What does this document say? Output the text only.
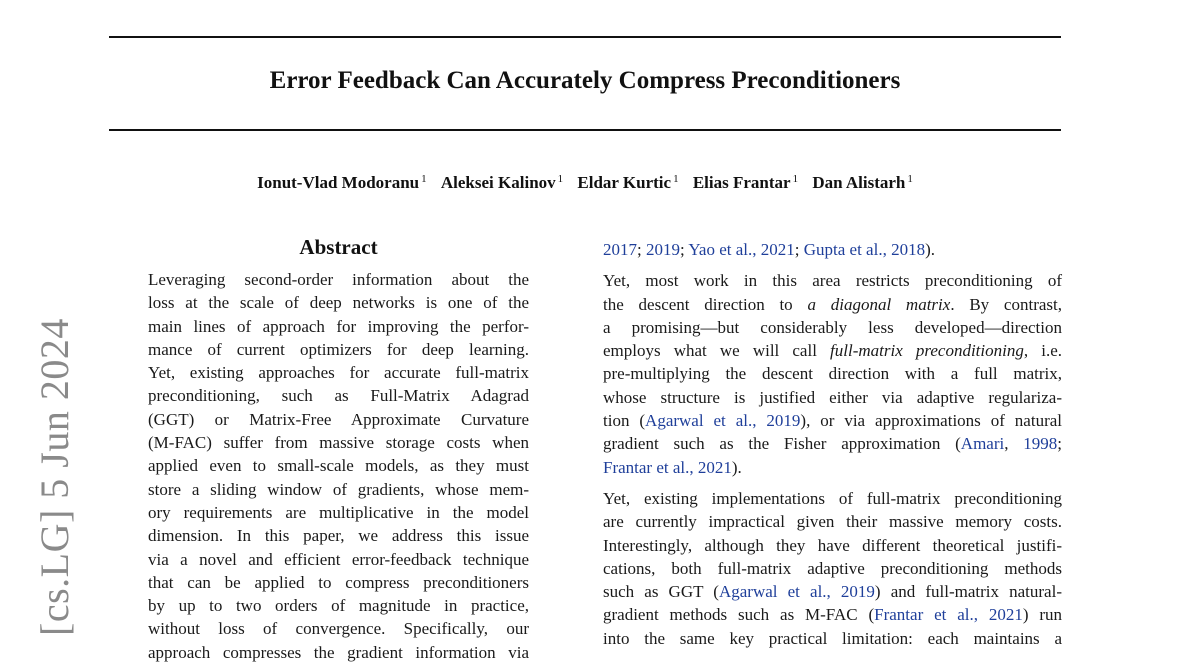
Error Feedback Can Accurately Compress Preconditioners
Ionut-Vlad Modoranu $^1$ Aleksei Kalinov $^1$ Eldar Kurtic $^1$ Elias Frantar $^1$ Dan Alistarh $^1$
[cs.LG] 5 Jun 2024
Abstract
Leveraging second-order information about the
loss at the scale of deep networks is one of the
main lines of approach for improving the perfor-
mance of current optimizers for deep learning.
Yet, existing approaches for accurate full-matrix
preconditioning, such as Full-Matrix Adagrad
(GGT) or Matrix-Free Approximate Curvature
(M-FAC) suffer from massive storage costs when
applied even to small-scale models, as they must
store a sliding window of gradients, whose mem-
ory requirements are multiplicative in the model
dimension. In this paper, we address this issue
via a novel and efficient error-feedback technique
that can be applied to compress preconditioners
by up to two orders of magnitude in practice,
without loss of convergence. Specifically, our
approach compresses the gradient information via
2017; 2019; Yao et al., 2021; Gupta et al., 2018).
Yet, most work in this area restricts preconditioning of
the descent direction to a diagonal matrix. By contrast,
a promising—but considerably less developed—direction
employs what we will call full-matrix preconditioning, i.e.
pre-multiplying the descent direction with a full matrix,
whose structure is justified either via adaptive regulariza-
tion (Agarwal et al., 2019), or via approximations of natural
gradient such as the Fisher approximation (Amari, 1998;
Frantar et al., 2021).
Yet, existing implementations of full-matrix preconditioning
are currently impractical given their massive memory costs.
Interestingly, although they have different theoretical justifi-
cations, both full-matrix adaptive preconditioning methods
such as GGT (Agarwal et al., 2019) and full-matrix natural-
gradient methods such as M-FAC (Frantar et al., 2021) run
into the same key practical limitation: each maintains a
